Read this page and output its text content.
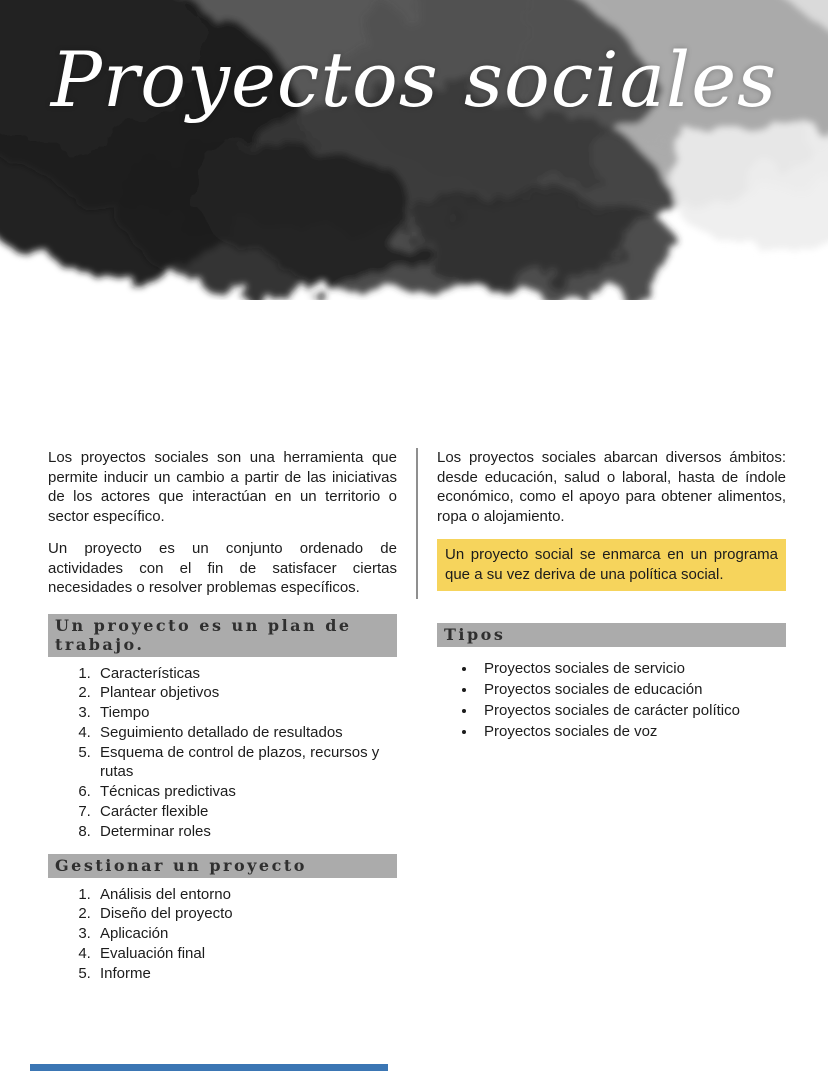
Proyectos sociales

Los proyectos sociales son una herramienta que permite inducir un cambio a partir de las iniciativas de los actores que interactúan en un territorio o sector específico.

Un proyecto es un conjunto ordenado de actividades con el fin de satisfacer ciertas necesidades o resolver problemas específicos.

Un proyecto es un plan de trabajo.
1. Características
2. Plantear objetivos
3. Tiempo
4. Seguimiento detallado de resultados
5. Esquema de control de plazos, recursos y rutas
6. Técnicas predictivas
7. Carácter flexible
8. Determinar roles
Gestionar un proyecto
1. Análisis del entorno
2. Diseño del proyecto
3. Aplicación
4. Evaluación final
5. Informe

Los proyectos sociales abarcan diversos ámbitos: desde educación, salud o laboral, hasta de índole económico, como el apoyo para obtener alimentos, ropa o alojamiento.

Un proyecto social se enmarca en un programa que a su vez deriva de una política social.
Tipos
• Proyectos sociales de servicio
• Proyectos sociales de educación
• Proyectos sociales de carácter político
• Proyectos sociales de voz
